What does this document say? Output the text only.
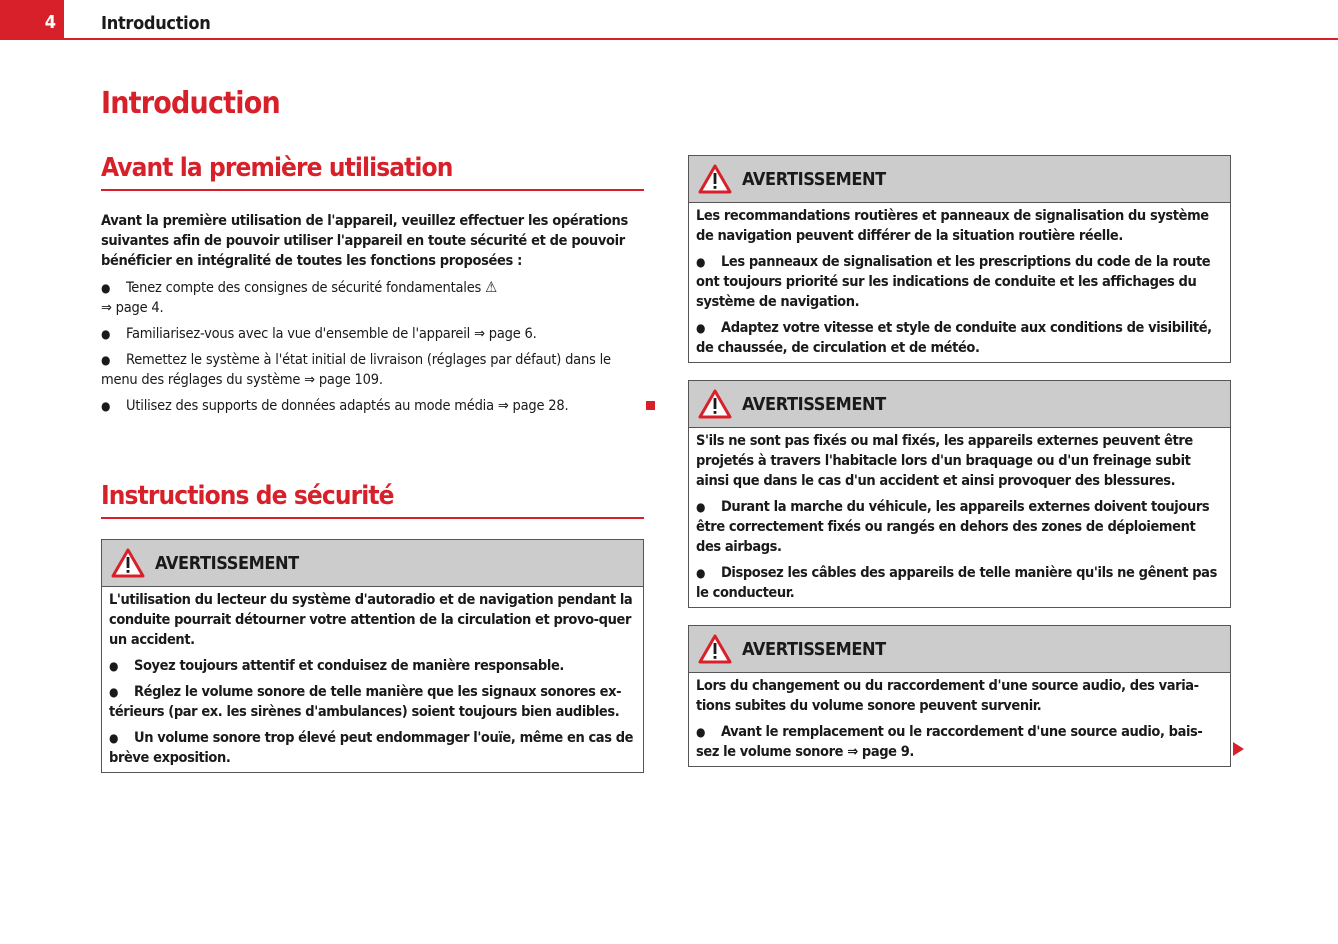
4	Introduction
Introduction
Avant la première utilisation

Avant la première utilisation de l'appareil, veuillez effectuer les opérations suivantes afin de pouvoir utiliser l'appareil en toute sécurité et de pouvoir bénéficier en intégralité de toutes les fonctions proposées :

● Tenez compte des consignes de sécurité fondamentales ⚠
⇒ page 4.
● Familiarisez-vous avec la vue d'ensemble de l'appareil ⇒ page 6.
● Remettez le système à l'état initial de livraison (réglages par défaut) dans le menu des réglages du système ⇒ page 109.
● Utilisez des supports de données adaptés au mode média ⇒ page 28.
Instructions de sécurité
AVERTISSEMENT

L'utilisation du lecteur du système d'autoradio et de navigation pendant la conduite pourrait détourner votre attention de la circulation et provo-quer un accident.

● Soyez toujours attentif et conduisez de manière responsable.

● Réglez le volume sonore de telle manière que les signaux sonores ex-térieurs (par ex. les sirènes d'ambulances) soient toujours bien audibles.

● Un volume sonore trop élevé peut endommager l'ouïe, même en cas de brève exposition.

AVERTISSEMENT

Les recommandations routières et panneaux de signalisation du système de navigation peuvent différer de la situation routière réelle.

● Les panneaux de signalisation et les prescriptions du code de la route ont toujours priorité sur les indications de conduite et les affichages du système de navigation.

● Adaptez votre vitesse et style de conduite aux conditions de visibilité, de chaussée, de circulation et de météo.

AVERTISSEMENT

S'ils ne sont pas fixés ou mal fixés, les appareils externes peuvent être projetés à travers l'habitacle lors d'un braquage ou d'un freinage subit ainsi que dans le cas d'un accident et ainsi provoquer des blessures.

● Durant la marche du véhicule, les appareils externes doivent toujours être correctement fixés ou rangés en dehors des zones de déploiement des airbags.

● Disposez les câbles des appareils de telle manière qu'ils ne gênent pas le conducteur.

AVERTISSEMENT

Lors du changement ou du raccordement d'une source audio, des varia-tions subites du volume sonore peuvent survenir.

● Avant le remplacement ou le raccordement d'une source audio, bais-sez le volume sonore ⇒ page 9.
